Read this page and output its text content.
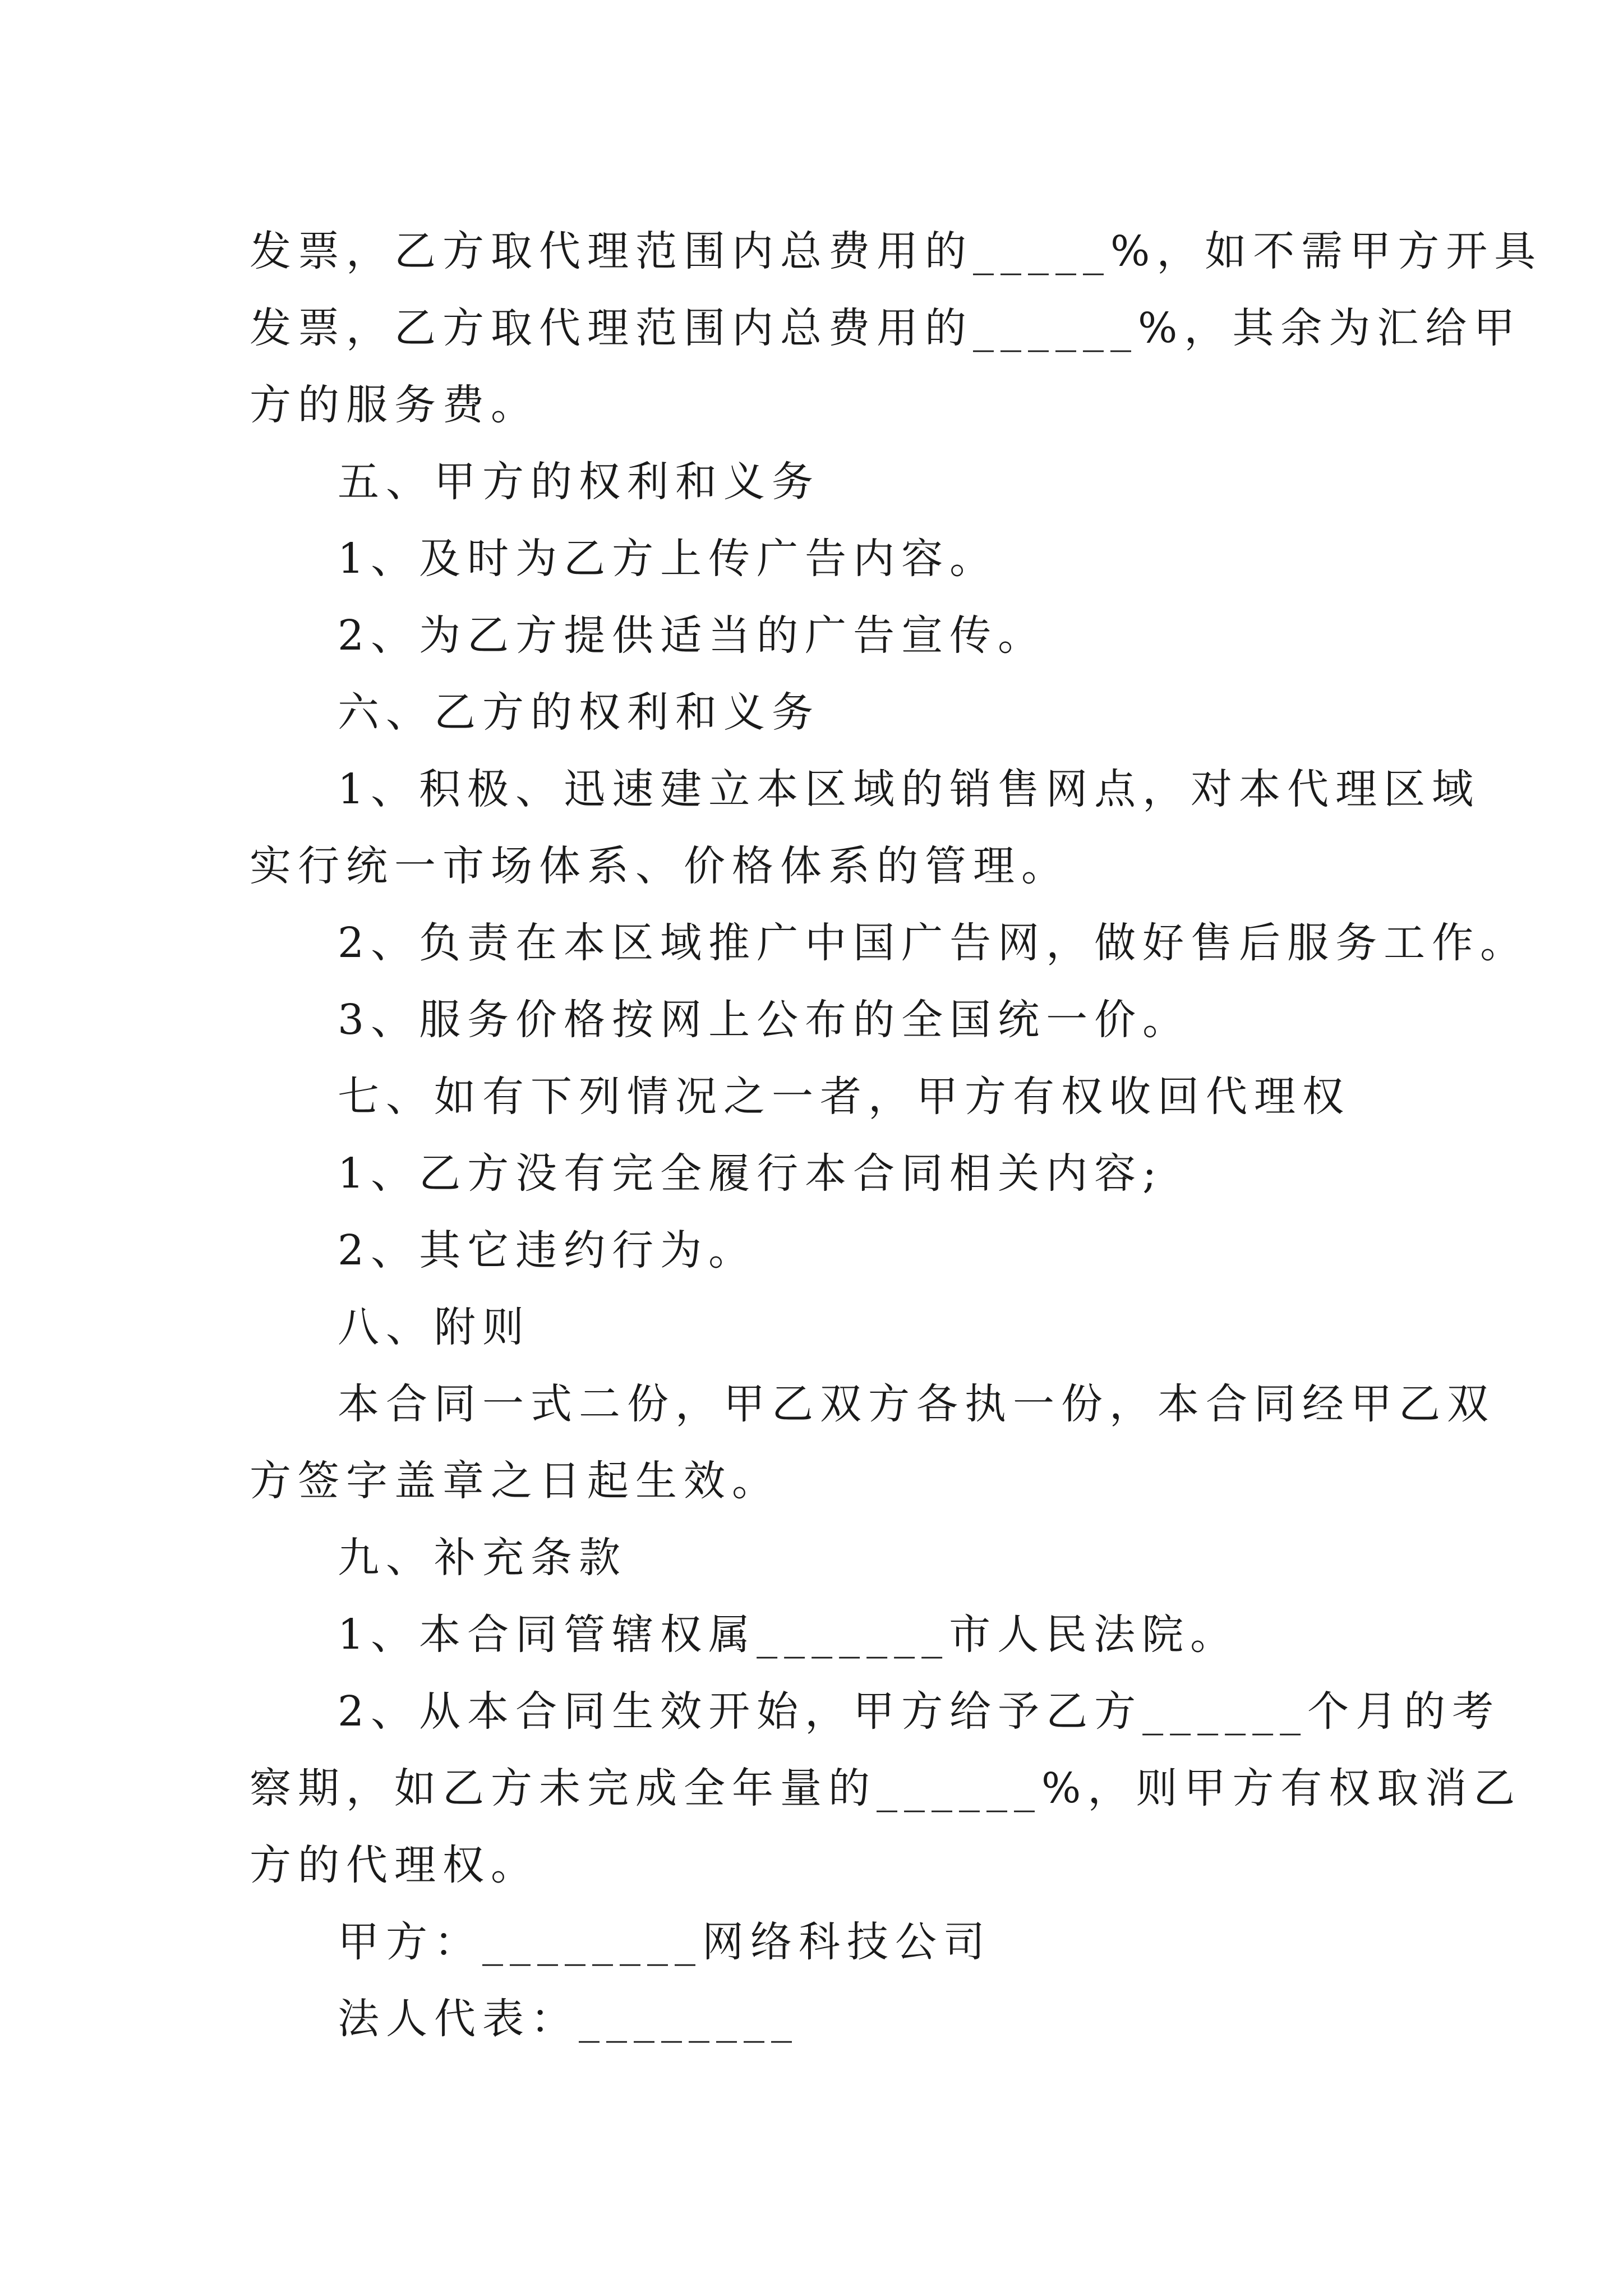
发票，乙方取代理范围内总费用的_____%，如不需甲方开具
发票，乙方取代理范围内总费用的______%，其余为汇给甲
方的服务费。
五、甲方的权利和义务
1、及时为乙方上传广告内容。
2、为乙方提供适当的广告宣传。
六、乙方的权利和义务
1、积极、迅速建立本区域的销售网点，对本代理区域
实行统一市场体系、价格体系的管理。
2、负责在本区域推广中国广告网，做好售后服务工作。
3、服务价格按网上公布的全国统一价。
七、如有下列情况之一者，甲方有权收回代理权
1、乙方没有完全履行本合同相关内容;
2、其它违约行为。
八、附则
本合同一式二份，甲乙双方各执一份，本合同经甲乙双
方签字盖章之日起生效。
九、补充条款
1、本合同管辖权属_______市人民法院。
2、从本合同生效开始，甲方给予乙方______个月的考
察期，如乙方未完成全年量的______%，则甲方有权取消乙
方的代理权。
甲方：________网络科技公司
法人代表：________
